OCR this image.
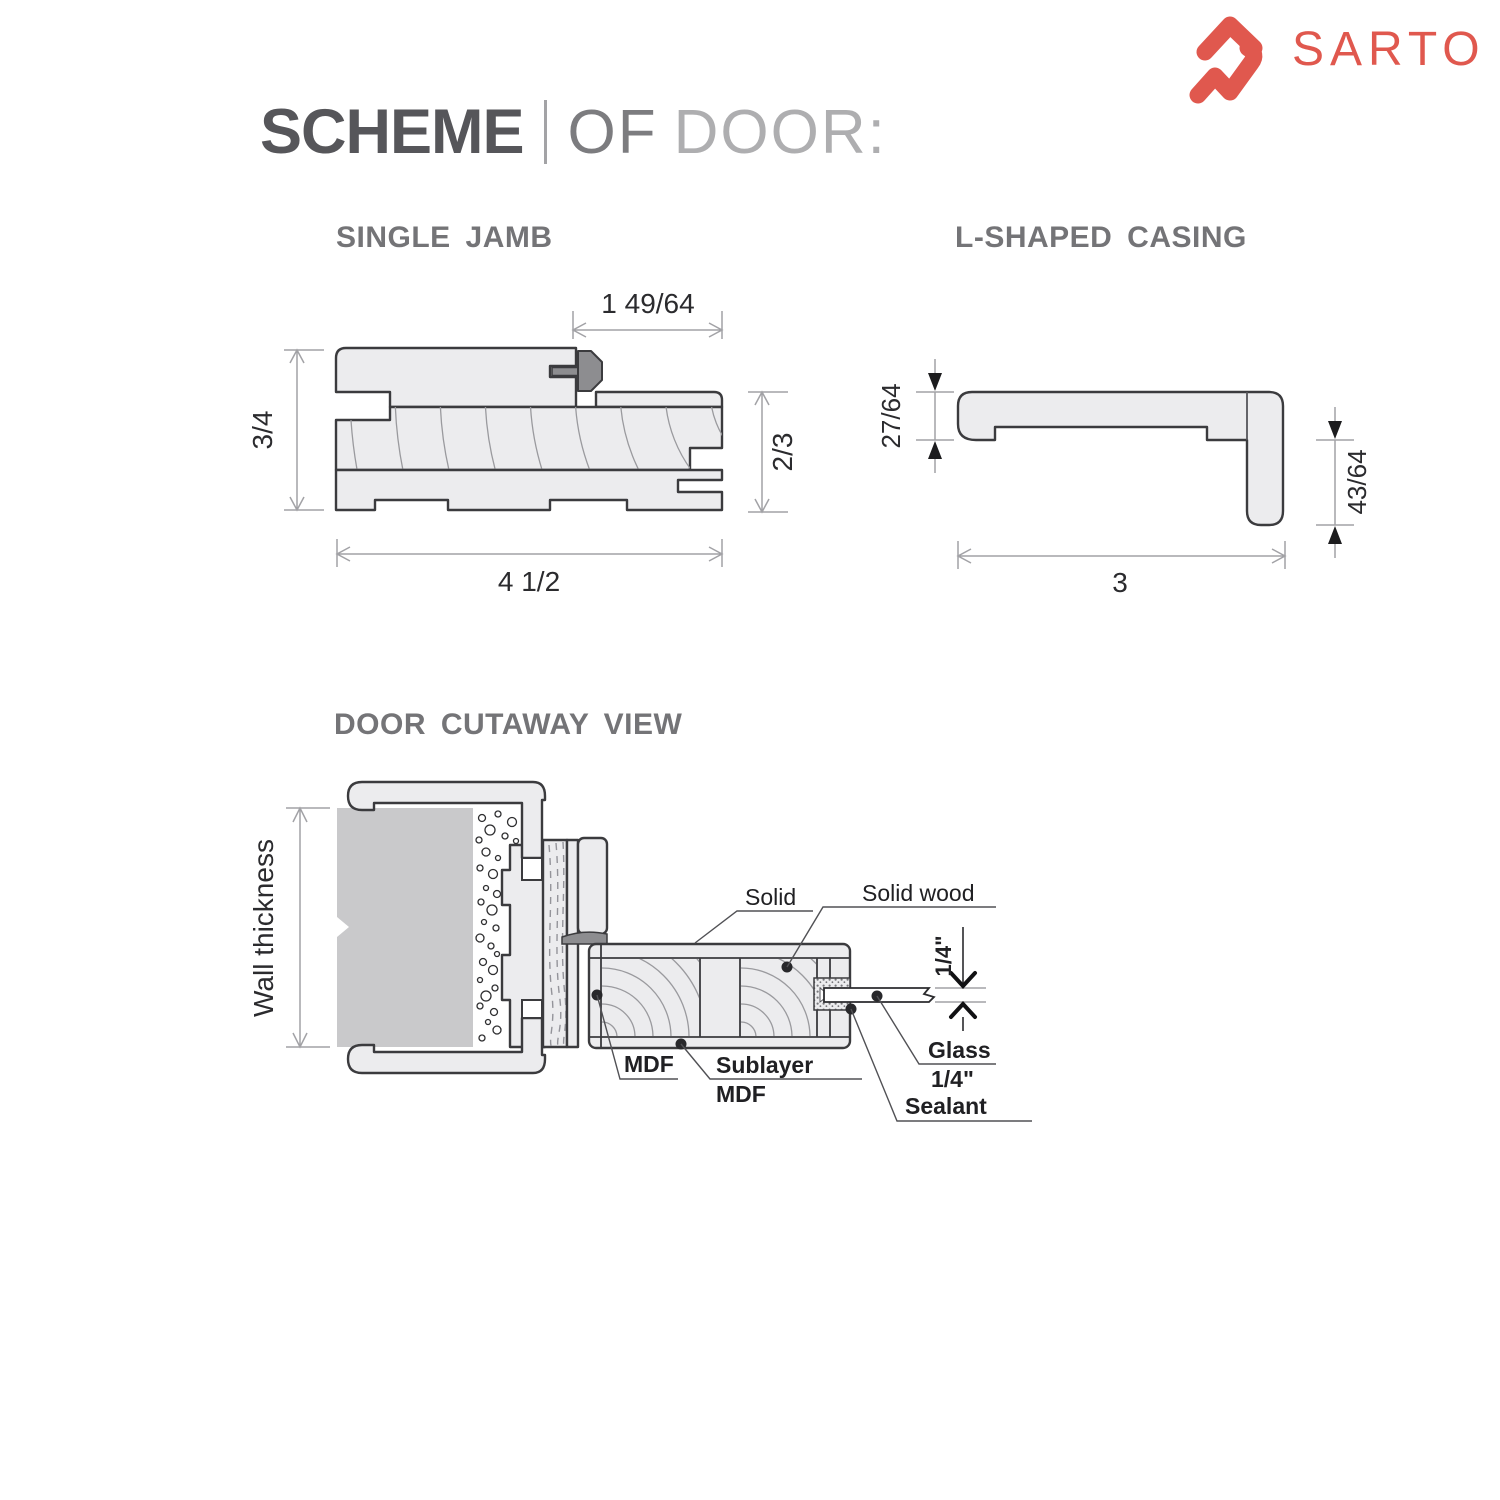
SCHEME OF DOOR:
SARTO
SINGLE JAMB	L-SHAPED CASING
DOOR CUTAWAY VIEW
1 49/64
3/4
2/3
4 1/2
27/64
43/64
3
Wall thickness	1/4"
Solid	Solid wood
MDF Sublayer
MDF
Glass
1/4"
Sealant
